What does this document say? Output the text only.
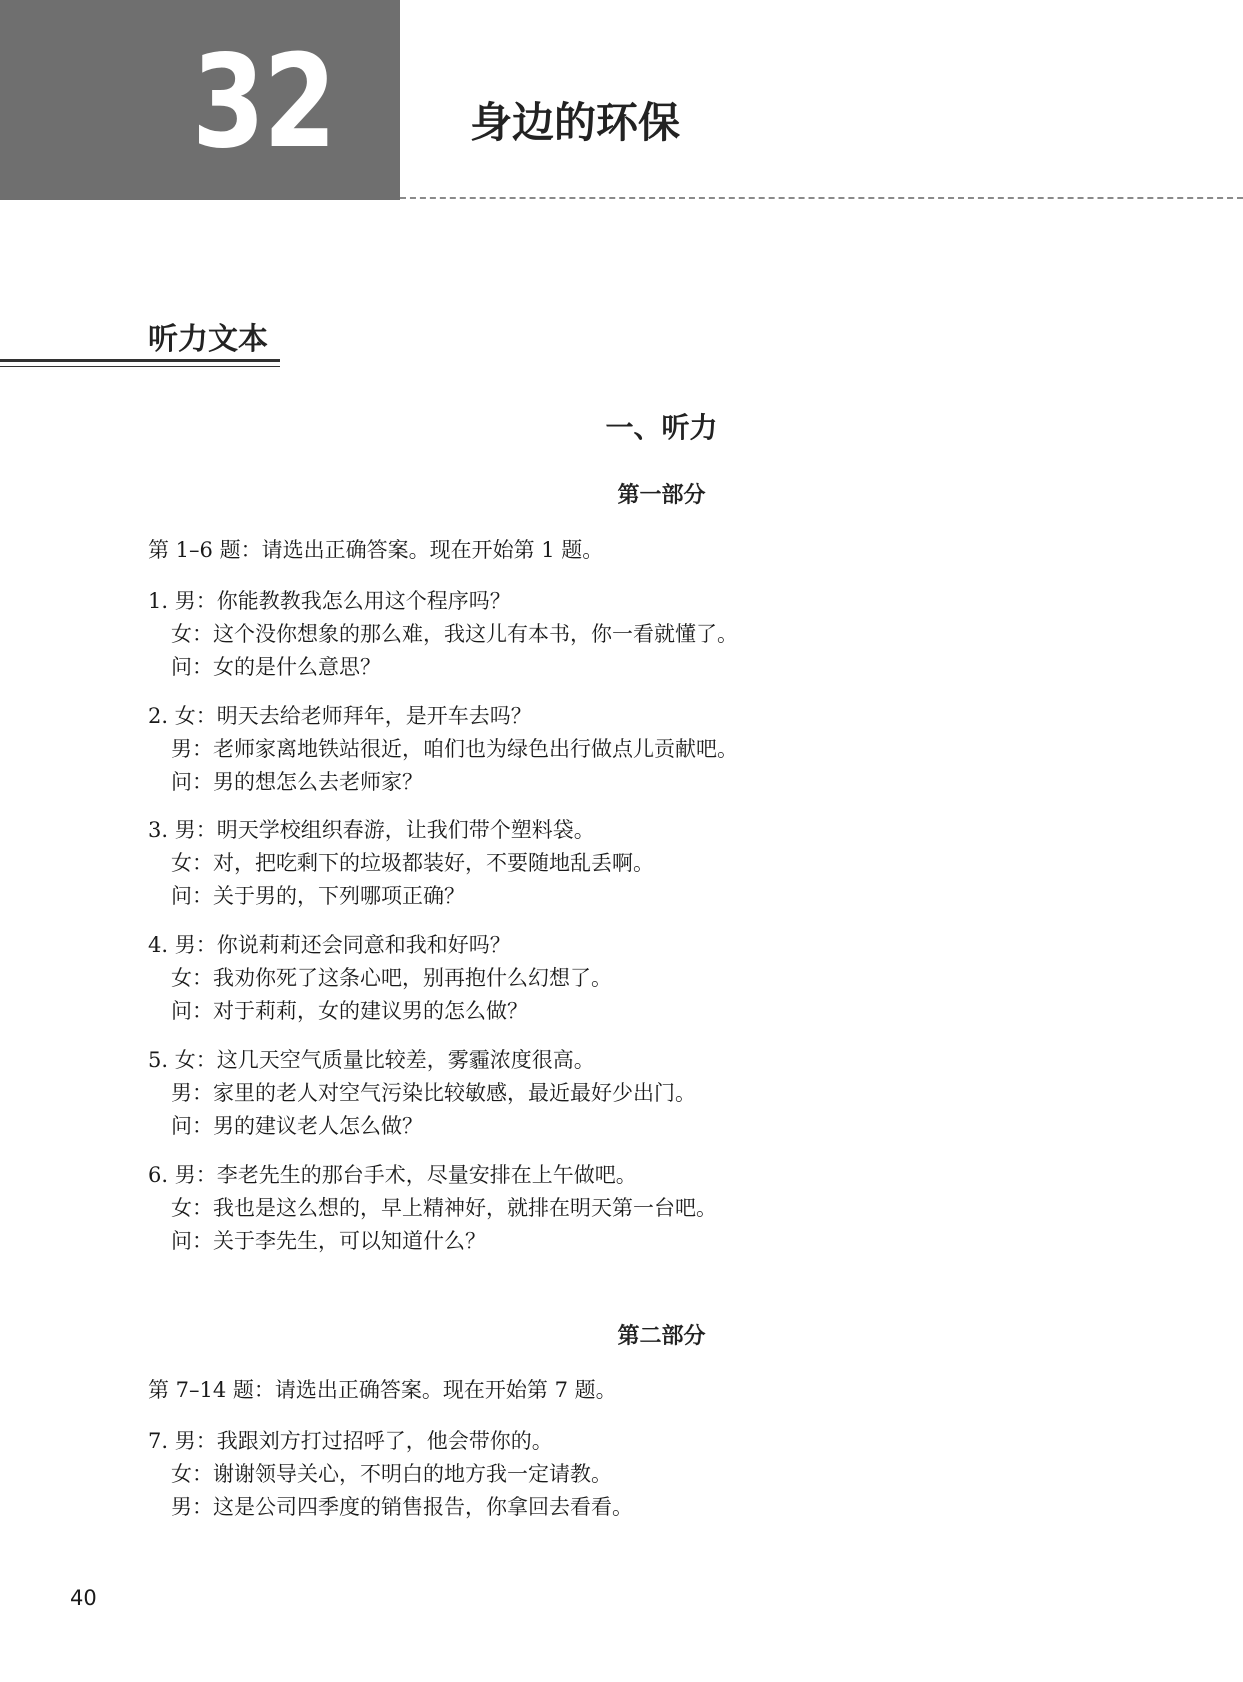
32	身边的环保
听力文本
一、听力
第一部分
第 1–6 题：请选出正确答案。现在开始第 1 题。
1. 男：你能教教我怎么用这个程序吗？
女：这个没你想象的那么难，我这儿有本书，你一看就懂了。
问：女的是什么意思？
2. 女：明天去给老师拜年，是开车去吗？
男：老师家离地铁站很近，咱们也为绿色出行做点儿贡献吧。
问：男的想怎么去老师家？
3. 男：明天学校组织春游，让我们带个塑料袋。
女：对，把吃剩下的垃圾都装好，不要随地乱丢啊。
问：关于男的，下列哪项正确？
4. 男：你说莉莉还会同意和我和好吗？
女：我劝你死了这条心吧，别再抱什么幻想了。
问：对于莉莉，女的建议男的怎么做？
5. 女：这几天空气质量比较差，雾霾浓度很高。
男：家里的老人对空气污染比较敏感，最近最好少出门。
问：男的建议老人怎么做？
6. 男：李老先生的那台手术，尽量安排在上午做吧。
女：我也是这么想的，早上精神好，就排在明天第一台吧。
问：关于李先生，可以知道什么？
第二部分
第 7–14 题：请选出正确答案。现在开始第 7 题。
7. 男：我跟刘方打过招呼了，他会带你的。
女：谢谢领导关心，不明白的地方我一定请教。
男：这是公司四季度的销售报告，你拿回去看看。
40
